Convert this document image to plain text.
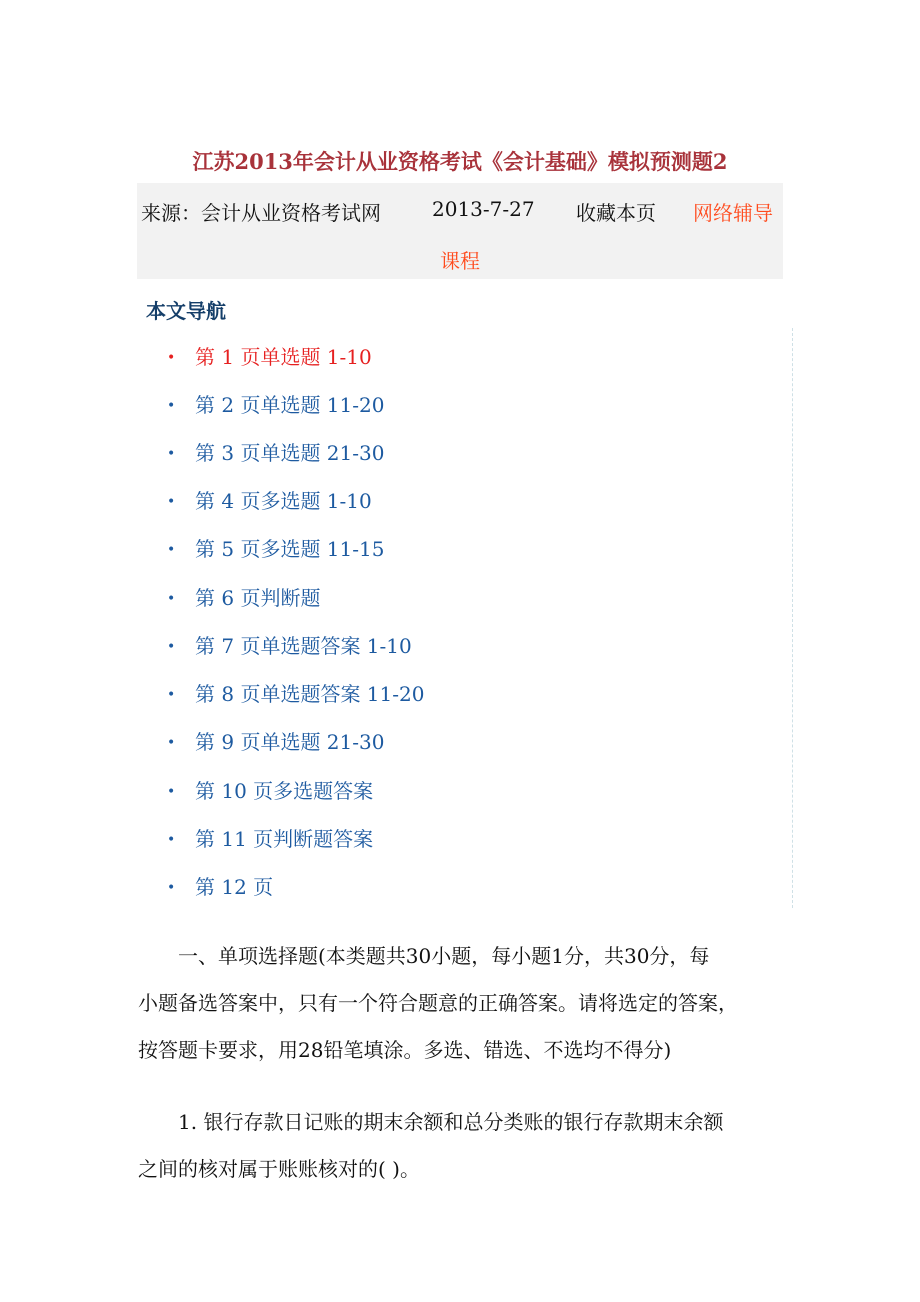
江苏2013年会计从业资格考试《会计基础》模拟预测题2
来源：会计从业资格考试网	2013-7-27 收藏本页 网络辅导
课程
本文导航
• 第 1 页单选题 1-10
• 第 2 页单选题 11-20
• 第 3 页单选题 21-30
• 第 4 页多选题 1-10
• 第 5 页多选题 11-15
• 第 6 页判断题
• 第 7 页单选题答案 1-10
• 第 8 页单选题答案 11-20
• 第 9 页单选题 21-30
• 第 10 页多选题答案
• 第 11 页判断题答案
• 第 12 页
一、单项选择题(本类题共30小题，每小题1分，共30分，每
小题备选答案中，只有一个符合题意的正确答案。请将选定的答案，
按答题卡要求，用28铅笔填涂。多选、错选、不选均不得分)
1. 银行存款日记账的期末余额和总分类账的银行存款期末余额
之间的核对属于账账核对的( )。
